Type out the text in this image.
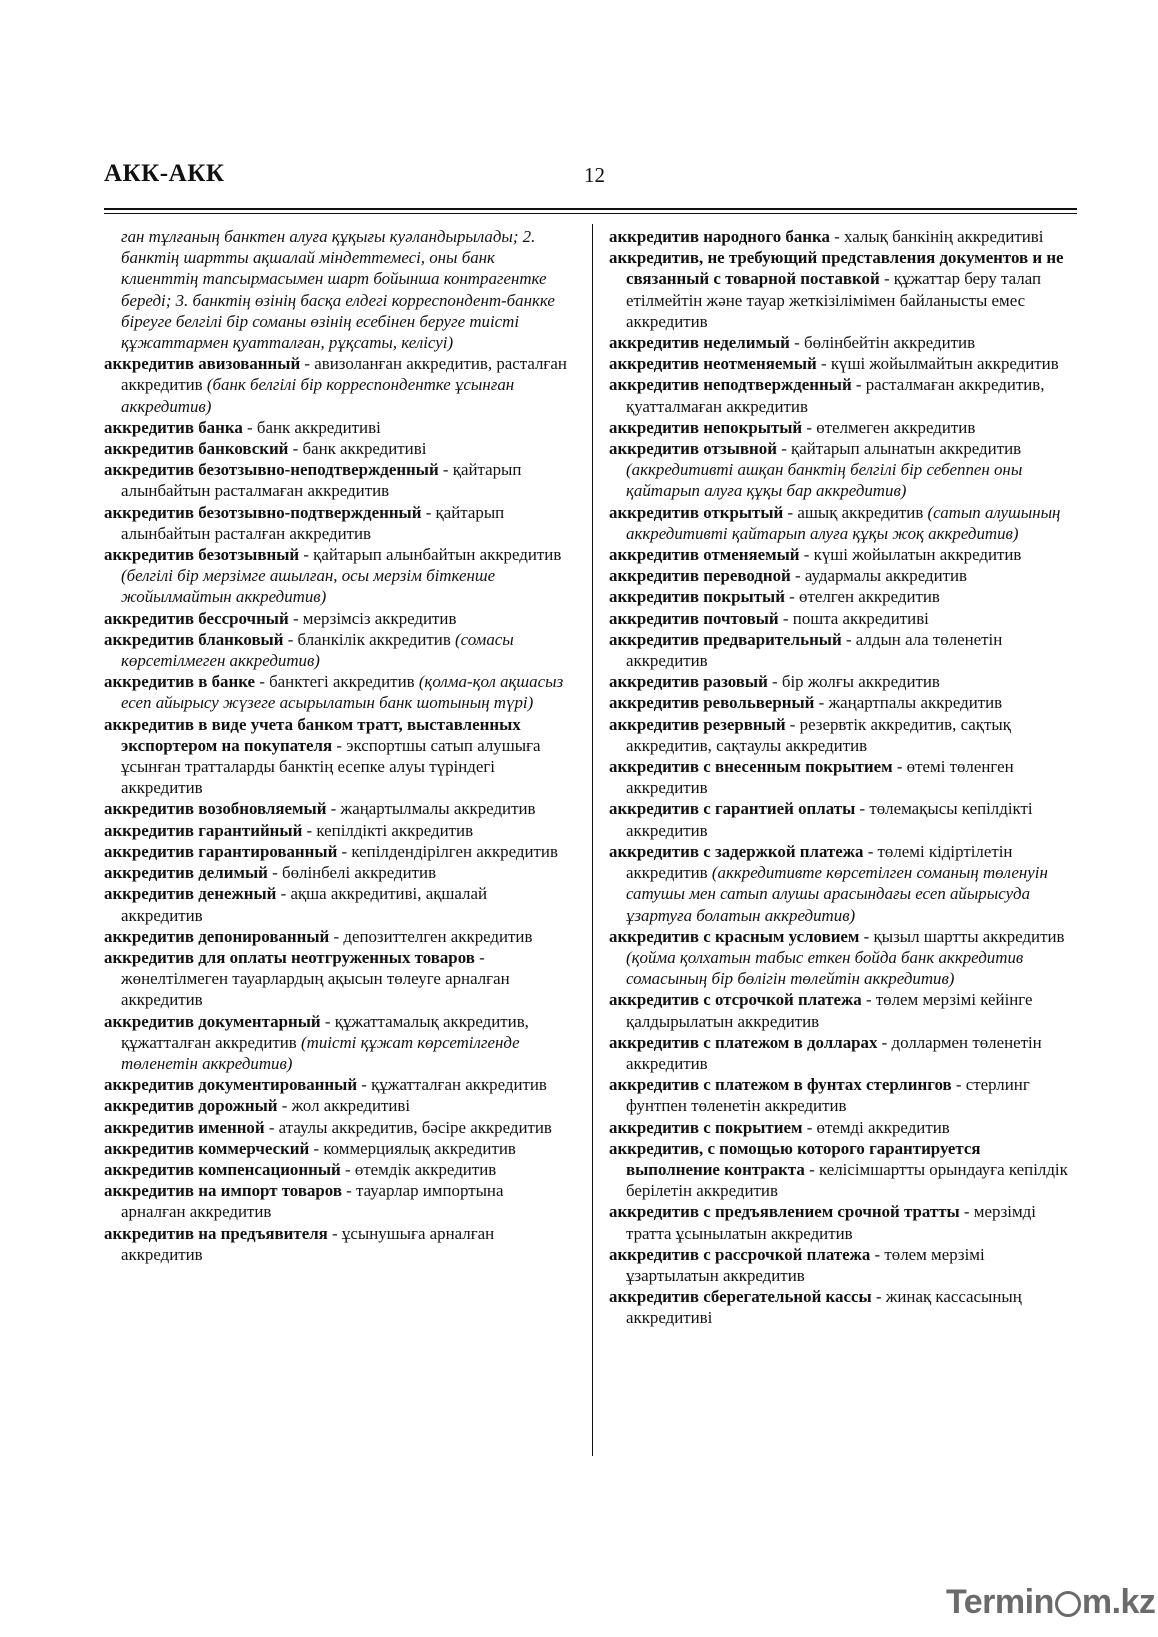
АКК-АКК	12

ган тұлғаның банктен алуға құқығы куәландырылады; 2. банктің шартты ақшалай міндеттемесі, оны банк клиенттің тапсырмасымен шарт бойынша контрагентке береді; 3. банктің өзінің басқа елдегі корреспондент-банкке біреуге белгілі бір соманы өзінің есебінен беруге тиісті құжаттармен қуатталған, рұқсаты, келісуі)

аккредитив авизованный - авизоланған аккредитив, расталған аккредитив (банк белгілі бір корреспондентке ұсынған аккредитив)

аккредитив банка - банк аккредитиві

аккредитив банковский - банк аккредитиві

аккредитив безотзывно-неподтвержденный - қайтарып алынбайтын расталмаған аккредитив

аккредитив безотзывно-подтвержденный - қайтарып алынбайтын расталған аккредитив

аккредитив безотзывный - қайтарып алынбайтын аккредитив (белгілі бір мерзімге ашылған, осы мерзім біткенше жойылмайтын аккредитив)

аккредитив бессрочный - мерзімсіз аккредитив

аккредитив бланковый - бланкілік аккредитив (сомасы көрсетілмеген аккредитив)

аккредитив в банке - банктегі аккредитив (қолма-қол ақшасыз есеп айырысу жүзеге асырылатын банк шотының түрі)

аккредитив в виде учета банком тратт, выставленных экспортером на покупателя - экспортшы сатып алушыға ұсынған тратталарды банктің есепке алуы түріндегі аккредитив

аккредитив возобновляемый - жаңартылмалы аккредитив

аккредитив гарантийный - кепілдікті аккредитив

аккредитив гарантированный - кепілдендірілген аккредитив

аккредитив делимый - бөлінбелі аккредитив

аккредитив денежный - ақша аккредитиві, ақшалай аккредитив

аккредитив депонированный - депозиттелген аккредитив

аккредитив для оплаты неотгруженных товаров - жөнелтілмеген тауарлардың ақысын төлеуге арналған аккредитив

аккредитив документарный - құжаттамалық аккредитив, құжатталған аккредитив (тиісті құжат көрсетілгенде төленетін аккредитив)

аккредитив документированный - құжатталған аккредитив

аккредитив дорожный - жол аккредитиві

аккредитив именной - атаулы аккредитив, бәсіре аккредитив

аккредитив коммерческий - коммерциялық аккредитив

аккредитив компенсационный - өтемдік аккредитив

аккредитив на импорт товаров - тауарлар импортына арналған аккредитив

аккредитив на предъявителя - ұсынушыға арналған аккредитив

аккредитив народного банка - халық банкінің аккредитиві

аккредитив, не требующий представления документов и не связанный с товарной поставкой - құжаттар беру талап етілмейтін және тауар жеткізілімімен байланысты емес аккредитив

аккредитив неделимый - бөлінбейтін аккредитив

аккредитив неотменяемый - күші жойылмайтын аккредитив

аккредитив неподтвержденный - расталмаған аккредитив, қуатталмаған аккредитив

аккредитив непокрытый - өтелмеген аккредитив

аккредитив отзывной - қайтарып алынатын аккредитив (аккредитивті ашқан банктің белгілі бір себеппен оны қайтарып алуға құқы бар аккредитив)

аккредитив открытый - ашық аккредитив (сатып алушының аккредитивті қайтарып алуға құқы жоқ аккредитив)

аккредитив отменяемый - күші жойылатын аккредитив

аккредитив переводной - аудармалы аккредитив

аккредитив покрытый - өтелген аккредитив

аккредитив почтовый - пошта аккредитиві

аккредитив предварительный - алдын ала төленетін аккредитив

аккредитив разовый - бір жолғы аккредитив

аккредитив револьверный - жаңартпалы аккредитив

аккредитив резервный - резервтік аккредитив, сақтық аккредитив, сақтаулы аккредитив

аккредитив с внесенным покрытием - өтемі төленген аккредитив

аккредитив с гарантией оплаты - төлемақысы кепілдікті аккредитив

аккредитив с задержкой платежа - төлемі кідіртілетін аккредитив (аккредитивте көрсетілген соманың төленуін сатушы мен сатып алушы арасындағы есеп айырысуда ұзартуға болатын аккредитив)

аккредитив с красным условием - қызыл шартты аккредитив (қойма қолхатын табыс еткен бойда банк аккредитив сомасының бір бөлігін төлейтін аккредитив)

аккредитив с отсрочкой платежа - төлем мерзімі кейінге қалдырылатын аккредитив

аккредитив с платежом в долларах - доллармен төленетін аккредитив

аккредитив с платежом в фунтах стерлингов - стерлинг фунтпен төленетін аккредитив

аккредитив с покрытием - өтемді аккредитив

аккредитив, с помощью которого гарантируется выполнение контракта - келісімшартты орындауға кепілдік берілетін аккредитив

аккредитив с предъявлением срочной тратты - мерзімді тратта ұсынылатын аккредитив

аккредитив с рассрочкой платежа - төлем мерзімі ұзартылатын аккредитив

аккредитив сберегательной кассы - жинақ кассасының аккредитиві

Termin m.kz
